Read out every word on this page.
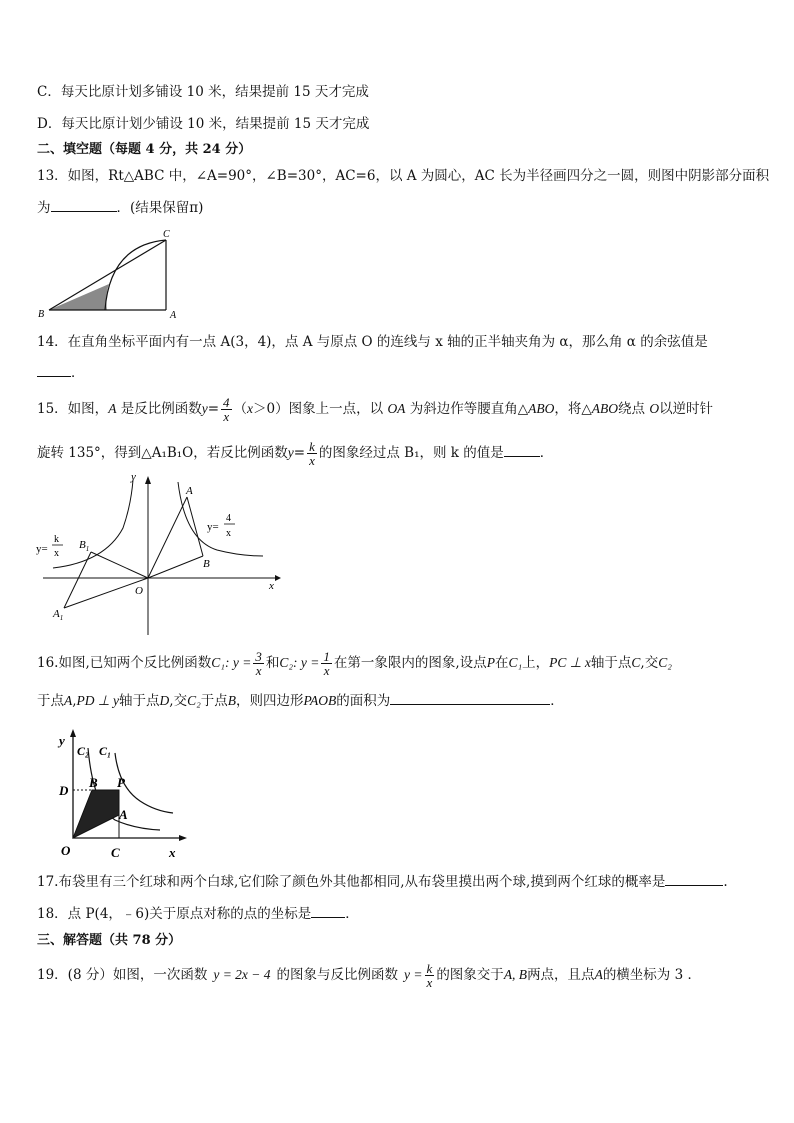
C．每天比原计划多铺设 10 米，结果提前 15 天才完成
D．每天比原计划少铺设 10 米，结果提前 15 天才完成
二、填空题（每题 4 分，共 24 分）
13．如图，Rt△ABC 中，∠A=90°，∠B=30°，AC=6，以 A 为圆心，AC 长为半径画四分之一圆，则图中阴影部分面积
为	．(结果保留π)
C
B	A
14．在直角坐标平面内有一点 A(3，4)，点 A 与原点 O 的连线与 x 轴的正半轴夹角为 α，那么角 α 的余弦值是
．
15．如图，A 是反比例函数$y= \frac{4}{x} (x>0)$图象上一点，以 OA 为斜边作等腰直角△ABO，将△ABO绕点 O以逆时针
旋转 135°，得到△A₁B₁O，若反比例函数$y= \frac{k}{x}$ 的图象经过点 B₁，则 k 的值是	．
y
x
O
A
B
$A_1$
$B_1$
y=
k
x
y=
4
x
16.如图,已知两个反比例函数C₁: $y = \frac{3}{x}$ 和C₂: $y = \frac{1}{x}$ 在第一象限内的图象,设点P在C₁上，PC ⊥ x轴于点C,交C₂
于点A,PD ⊥ y轴于点D,交C₂于点B，则四边形PAOB的面积为	．
y
C₂ C₁
D
B P
A
O	C	x
17.布袋里有三个红球和两个白球,它们除了颜色外其他都相同,从布袋里摸出两个球,摸到两个红球的概率是	.
18．点 P(4，﹣6)关于原点对称的点的坐标是	．
三、解答题（共 78 分）
19．(8 分）如图，一次函数 y = 2x − 4 的图象与反比例函数 $y = \frac{k}{x}$ 的图象交于A, B两点，且点A的横坐标为 3 ．
